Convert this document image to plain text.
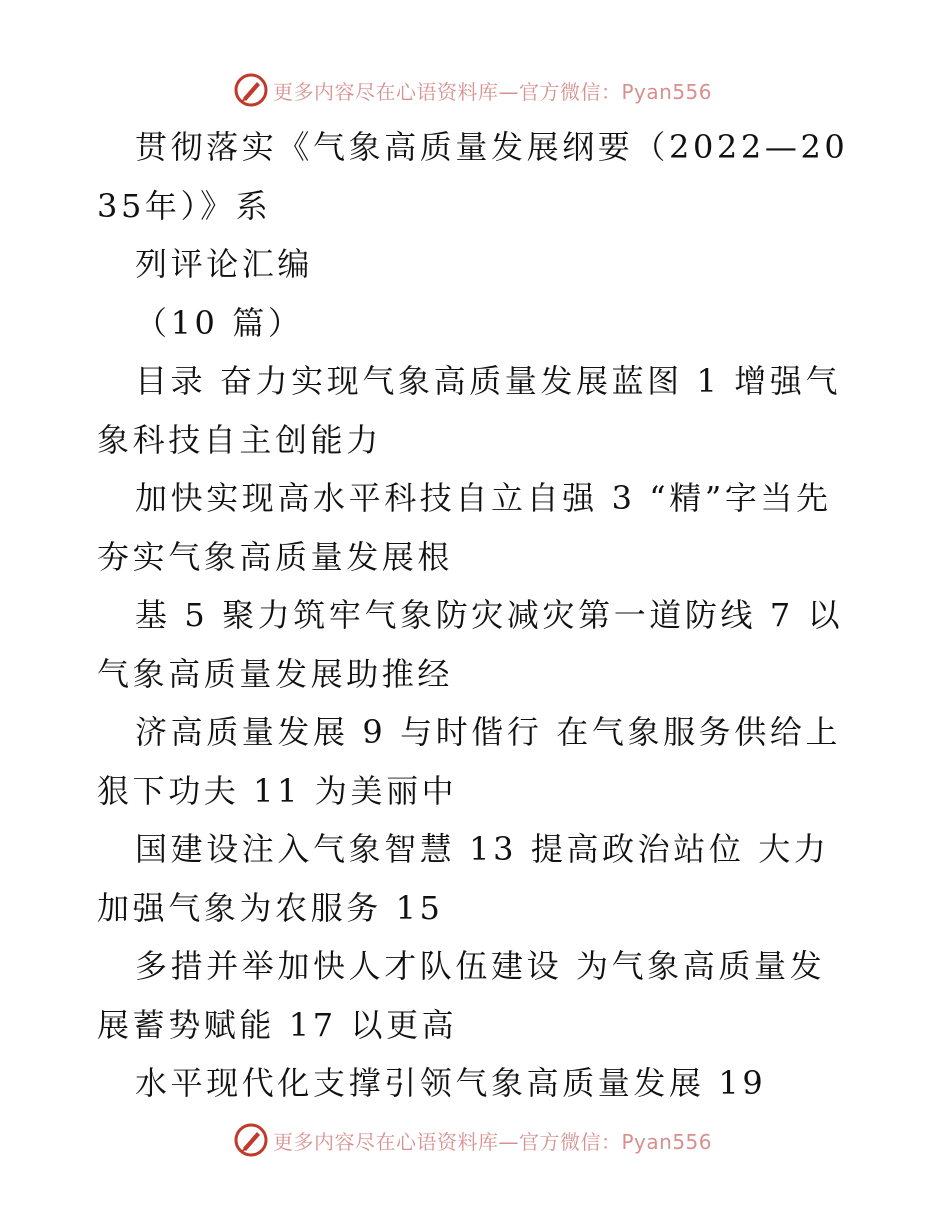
更多内容尽在心语资料库—官方微信：Pyan556

贯彻落实《气象高质量发展纲要（2022—2035年）》系

列评论汇编

（10 篇）

目录 奋力实现气象高质量发展蓝图 1 增强气象科技自主创能力

加快实现高水平科技自立自强 3 “精”字当先夯实气象高质量发展根

基 5 聚力筑牢气象防灾减灾第一道防线 7 以气象高质量发展助推经

济高质量发展 9 与时偕行 在气象服务供给上狠下功夫 11 为美丽中

国建设注入气象智慧 13 提高政治站位 大力加强气象为农服务 15

多措并举加快人才队伍建设 为气象高质量发展蓄势赋能 17 以更高

水平现代化支撑引领气象高质量发展 19

更多内容尽在心语资料库—官方微信：Pyan556
